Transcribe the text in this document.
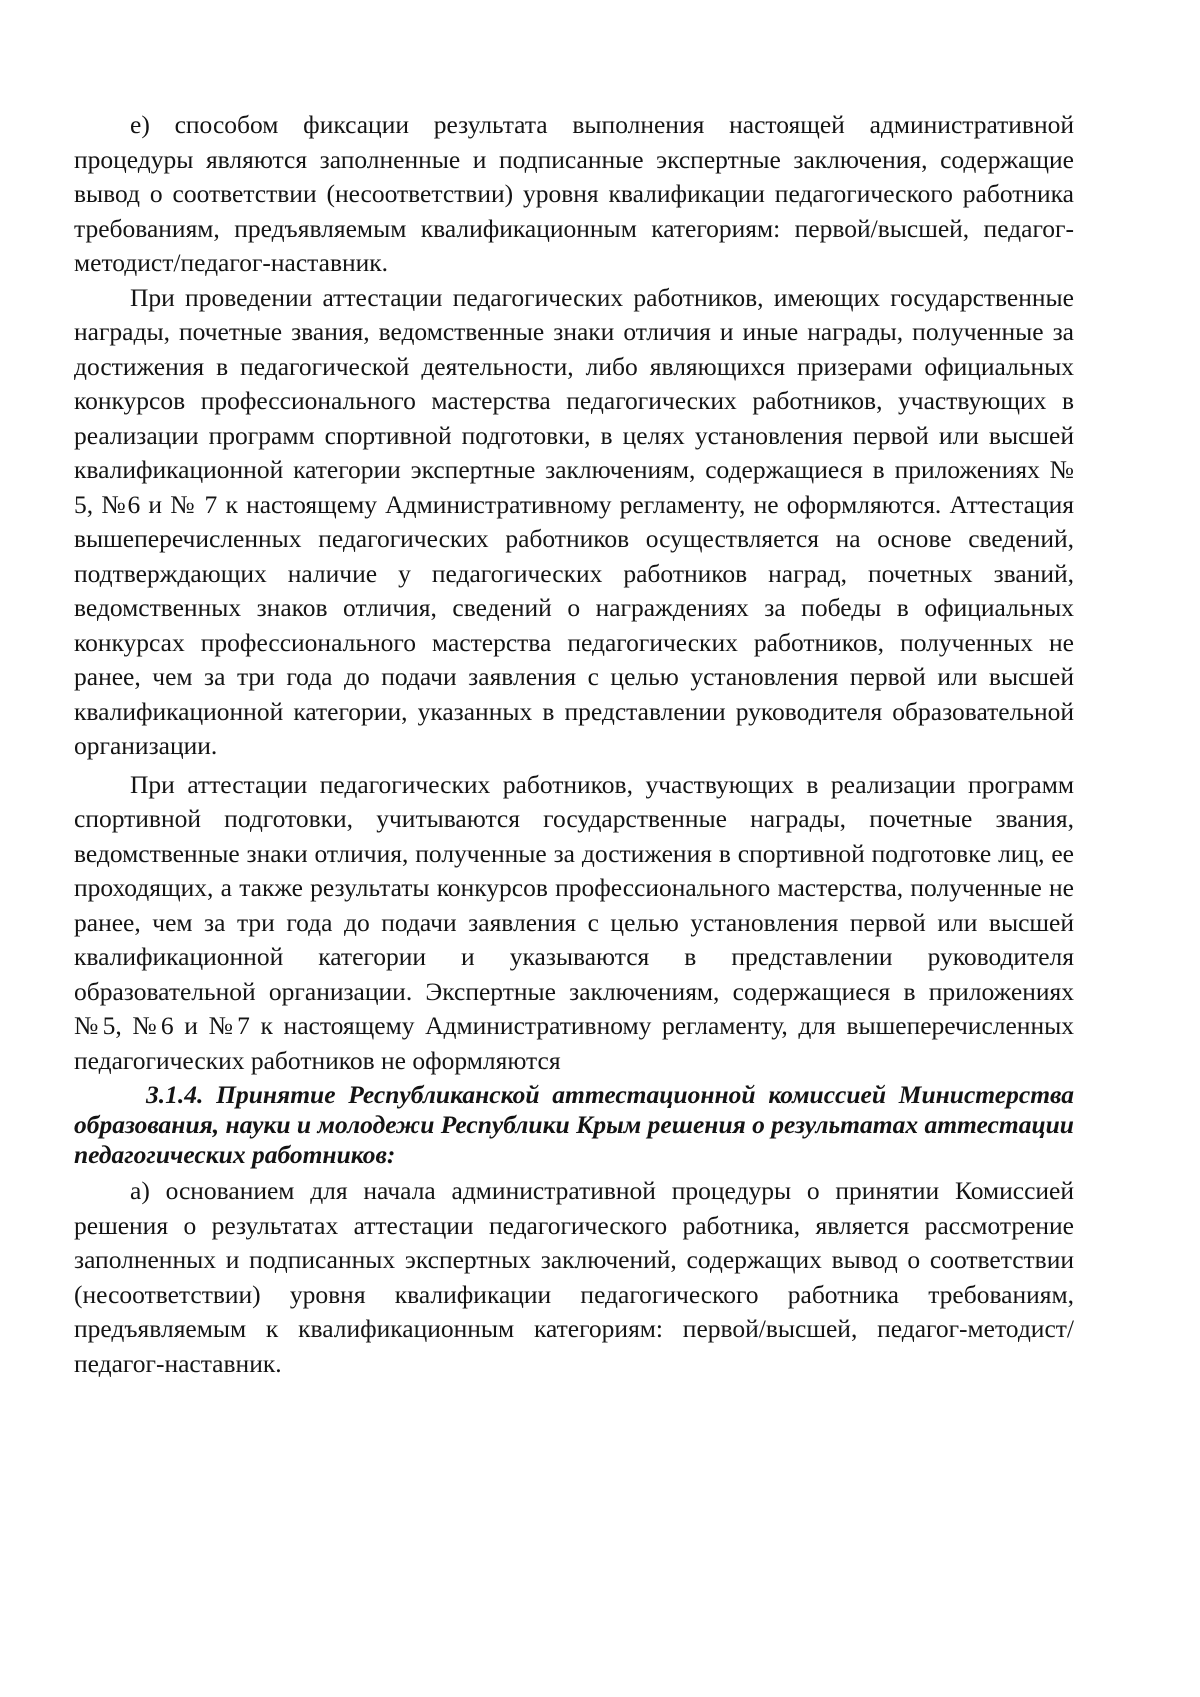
е) способом фиксации результата выполнения настоящей административной процедуры являются заполненные и подписанные экспертные заключения, содержащие вывод о соответствии (несоответствии) уровня квалификации педагогического работника требованиям, предъявляемым квалификационным категориям: первой/высшей, педагог-методист/педагог-наставник.

При проведении аттестации педагогических работников, имеющих государственные награды, почетные звания, ведомственные знаки отличия и иные награды, полученные за достижения в педагогической деятельности, либо являющихся призерами официальных конкурсов профессионального мастерства педагогических работников, участвующих в реализации программ спортивной подготовки, в целях установления первой или высшей квалификационной категории экспертные заключениям, содержащиеся в приложениях № 5, №6 и № 7 к настоящему Административному регламенту, не оформляются. Аттестация вышеперечисленных педагогических работников осуществляется на основе сведений, подтверждающих наличие у педагогических работников наград, почетных званий, ведомственных знаков отличия, сведений о награждениях за победы в официальных конкурсах профессионального мастерства педагогических работников, полученных не ранее, чем за три года до подачи заявления с целью установления первой или высшей квалификационной категории, указанных в представлении руководителя образовательной организации.

При аттестации педагогических работников, участвующих в реализации программ спортивной подготовки, учитываются государственные награды, почетные звания, ведомственные знаки отличия, полученные за достижения в спортивной подготовке лиц, ее проходящих, а также результаты конкурсов профессионального мастерства, полученные не ранее, чем за три года до подачи заявления с целью установления первой или высшей квалификационной категории и указываются в представлении руководителя образовательной организации. Экспертные заключениям, содержащиеся в приложениях №5, №6 и №7 к настоящему Административному регламенту, для вышеперечисленных педагогических работников не оформляются

3.1.4. Принятие Республиканской аттестационной комиссией Министерства образования, науки и молодежи Республики Крым решения о результатах аттестации педагогических работников:

а) основанием для начала административной процедуры о принятии Комиссией решения о результатах аттестации педагогического работника, является рассмотрение заполненных и подписанных экспертных заключений, содержащих вывод о соответствии (несоответствии) уровня квалификации педагогического работника требованиям, предъявляемым к квалификационным категориям: первой/высшей, педагог-методист/педагог-наставник.
